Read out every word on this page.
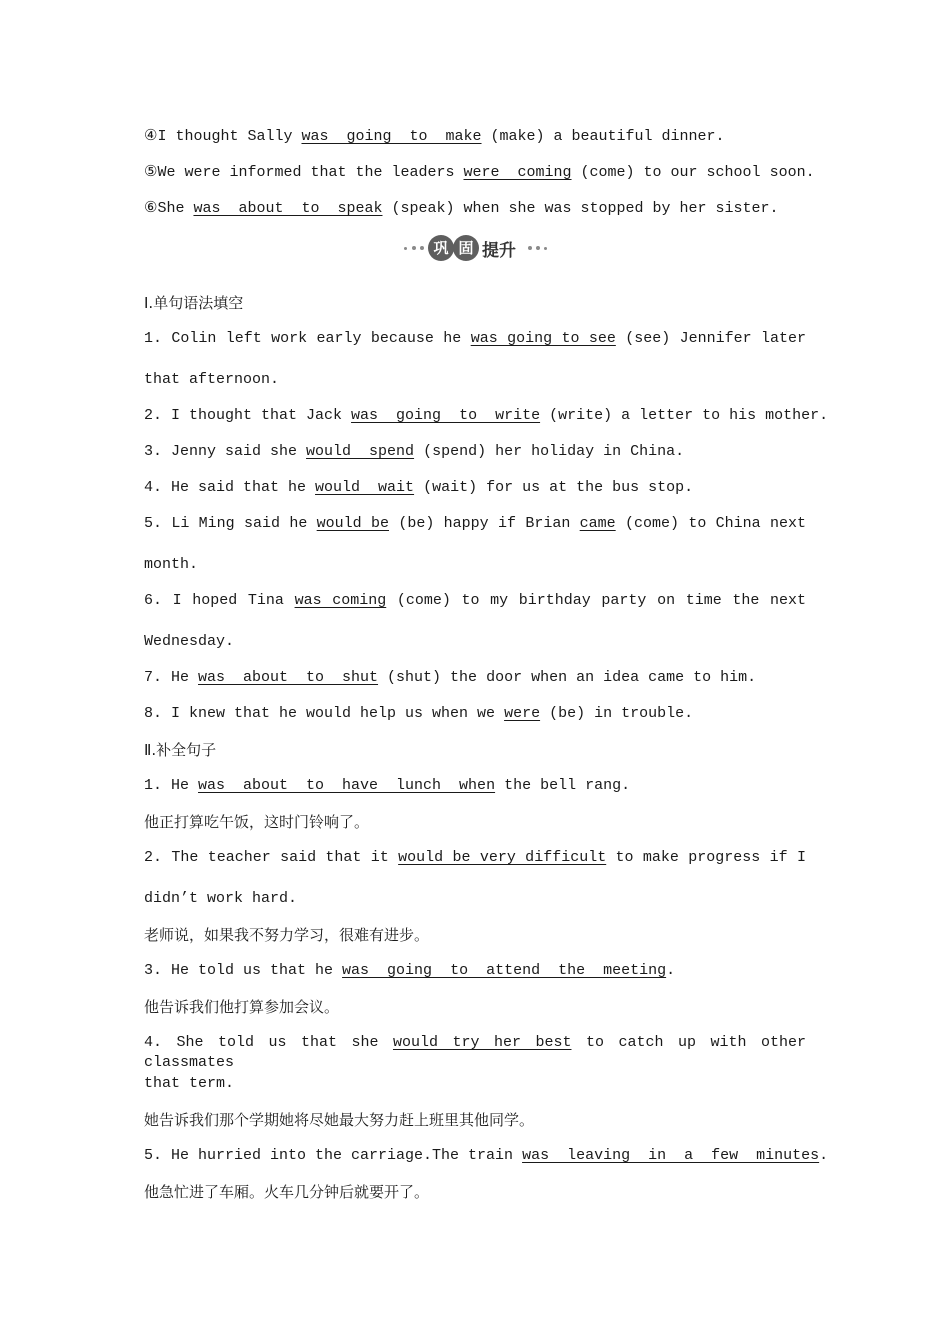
④I thought Sally was  going  to  make (make) a beautiful dinner.
⑤We were informed that the leaders were  coming (come) to our school soon.
⑥She was  about  to  speak (speak) when she was stopped by her sister.
巩 固 提升
Ⅰ.单句语法填空
1. Colin left work early because he was going to see (see) Jennifer later
that afternoon.
2. I thought that Jack was  going  to  write (write) a letter to his mother.
3. Jenny said she would  spend (spend) her holiday in China.
4. He said that he would  wait (wait) for us at the bus stop.
5. Li Ming said he would be (be) happy if Brian came (come) to China next
month.
6. I hoped Tina was coming (come) to my birthday party on time the next
Wednesday.
7. He was  about  to  shut (shut) the door when an idea came to him.
8. I knew that he would help us when we were (be) in trouble.
Ⅱ.补全句子
1. He was  about  to  have  lunch  when the bell rang.
他正打算吃午饭，这时门铃响了。
2. The teacher said that it would be very difficult to make progress if I
didn’t work hard.
老师说，如果我不努力学习，很难有进步。
3. He told us that he was  going  to  attend  the  meeting.
他告诉我们他打算参加会议。
4. She told us that she would try her best to catch up with other classmates
that term.
她告诉我们那个学期她将尽她最大努力赶上班里其他同学。
5. He hurried into the carriage.The train was  leaving  in  a  few  minutes.
他急忙进了车厢。火车几分钟后就要开了。
